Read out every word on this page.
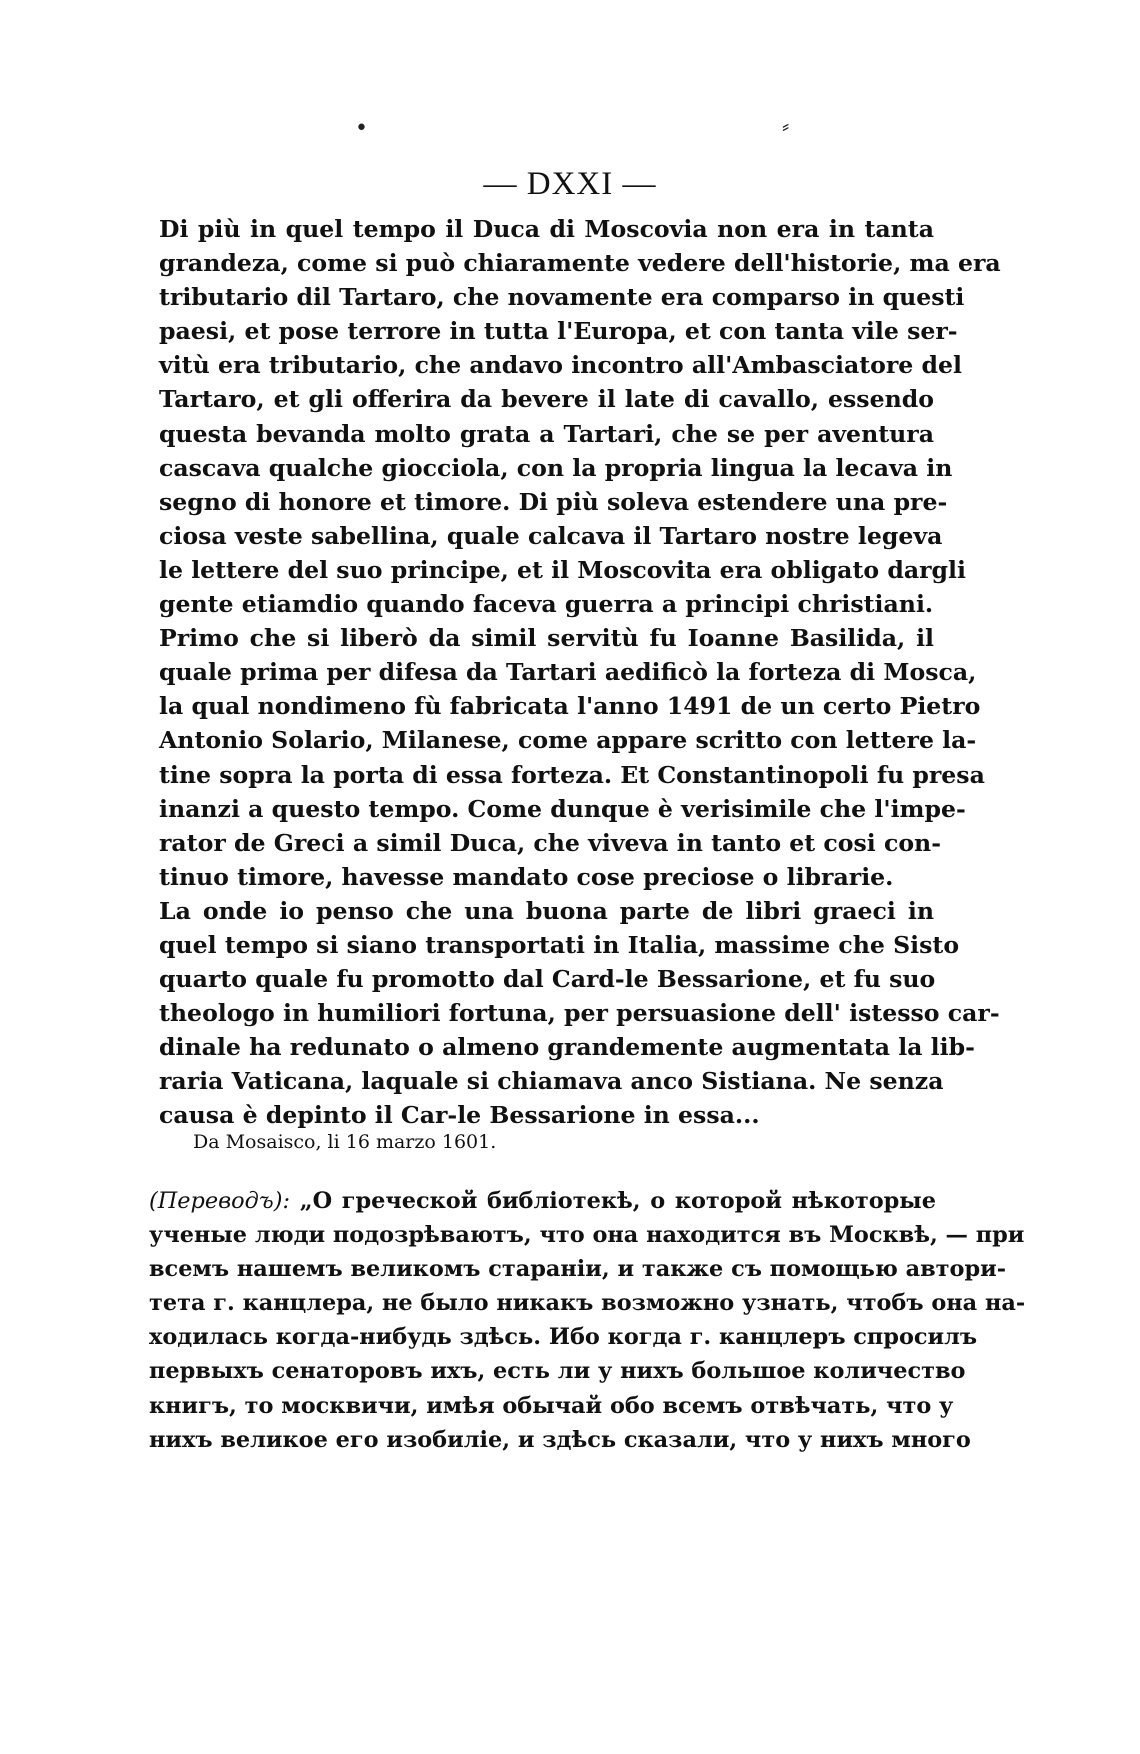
•	⸗
— DXXI —
Di più in quel tempo il Duca di Moscovia non era in tanta
grandeza, come si può chiaramente vedere dell'historie, ma era
tributario dil Tartaro, che novamente era comparso in questi
paesi, et pose terrore in tutta l'Europa, et con tanta vile ser-
vitù era tributario, che andavo incontro all'Ambasciatore del
Tartaro, et gli offerira da bevere il late di cavallo, essendo
questa bevanda molto grata a Tartari, che se per aventura
cascava qualche giocciola, con la propria lingua la lecava in
segno di honore et timore. Di più soleva estendere una pre-
ciosa veste sabellina, quale calcava il Tartaro nostre legeva
le lettere del suo principe, et il Moscovita era obligato dargli
gente etiamdio quando faceva guerra a principi christiani.
Primo che si liberò da simil servitù fu Ioanne Basilida, il
quale prima per difesa da Tartari aedificò la forteza di Mosca,
la qual nondimeno fù fabricata l'anno 1491 de un certo Pietro
Antonio Solario, Milanese, come appare scritto con lettere la-
tine sopra la porta di essa forteza. Et Constantinopoli fu presa
inanzi a questo tempo. Come dunque è verisimile che l'impe-
rator de Greci a simil Duca, che viveva in tanto et cosi con-
tinuo timore, havesse mandato cose preciose o librarie.
La onde io penso che una buona parte de libri graeci in
quel tempo si siano transportati in Italia, massime che Sisto
quarto quale fu promotto dal Card-le Bessarione, et fu suo
theologo in humiliori fortuna, per persuasione dell' istesso car-
dinale ha redunato o almeno grandemente augmentata la lib-
raria Vaticana, laquale si chiamava anco Sistiana. Ne senza
causa è depinto il Car-le Bessarione in essa...
Da Mosaisco, li 16 marzo 1601.
(Переводъ): „О греческой библіотекѣ, о которой нѣкоторые
ученые люди подозрѣваютъ, что она находится въ Москвѣ, — при
всемъ нашемъ великомъ стараніи, и также съ помощью автори-
тета г. канцлера, не было никакъ возможно узнать, чтобъ она на-
ходилась когда-нибудь здѣсь. Ибо когда г. канцлеръ спросилъ
первыхъ сенаторовъ ихъ, есть ли у нихъ большое количество
книгъ, то москвичи, имѣя обычай обо всемъ отвѣчать, что у
нихъ великое его изобиліе, и здѣсь сказали, что у нихъ много
